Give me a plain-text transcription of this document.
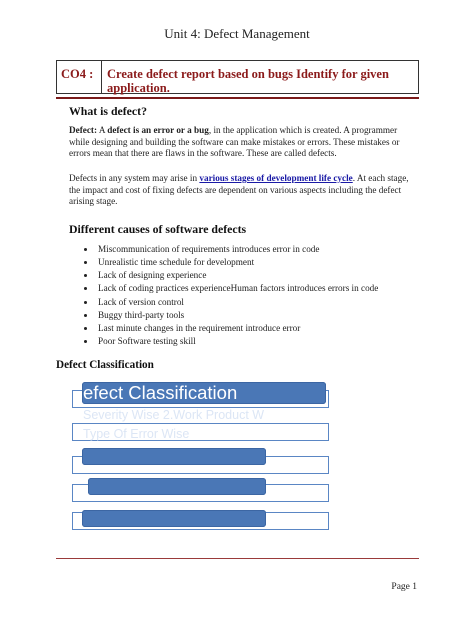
Unit 4: Defect Management
CO4 :	Create defect report based on bugs Identify for given application.
What is defect?

Defect: A defect is an error or a bug, in the application which is created. A programmer while designing and building the software can make mistakes or errors. These mistakes or errors mean that there are flaws in the software. These are called defects.

Defects in any system may arise in various stages of development life cycle. At each stage, the impact and cost of fixing defects are dependent on various aspects including the defect arising stage.

Different causes of software defects
• Miscommunication of requirements introduces error in code
• Unrealistic time schedule for development
• Lack of designing experience
• Lack of coding practices experienceHuman factors introduces errors in code
• Lack of version control
• Buggy third-party tools
• Last minute changes in the requirement introduce error
• Poor Software testing skill
Defect Classification
efect Classification
Severity Wise 2.Work Product W
Type Of Error Wise
Page 1
